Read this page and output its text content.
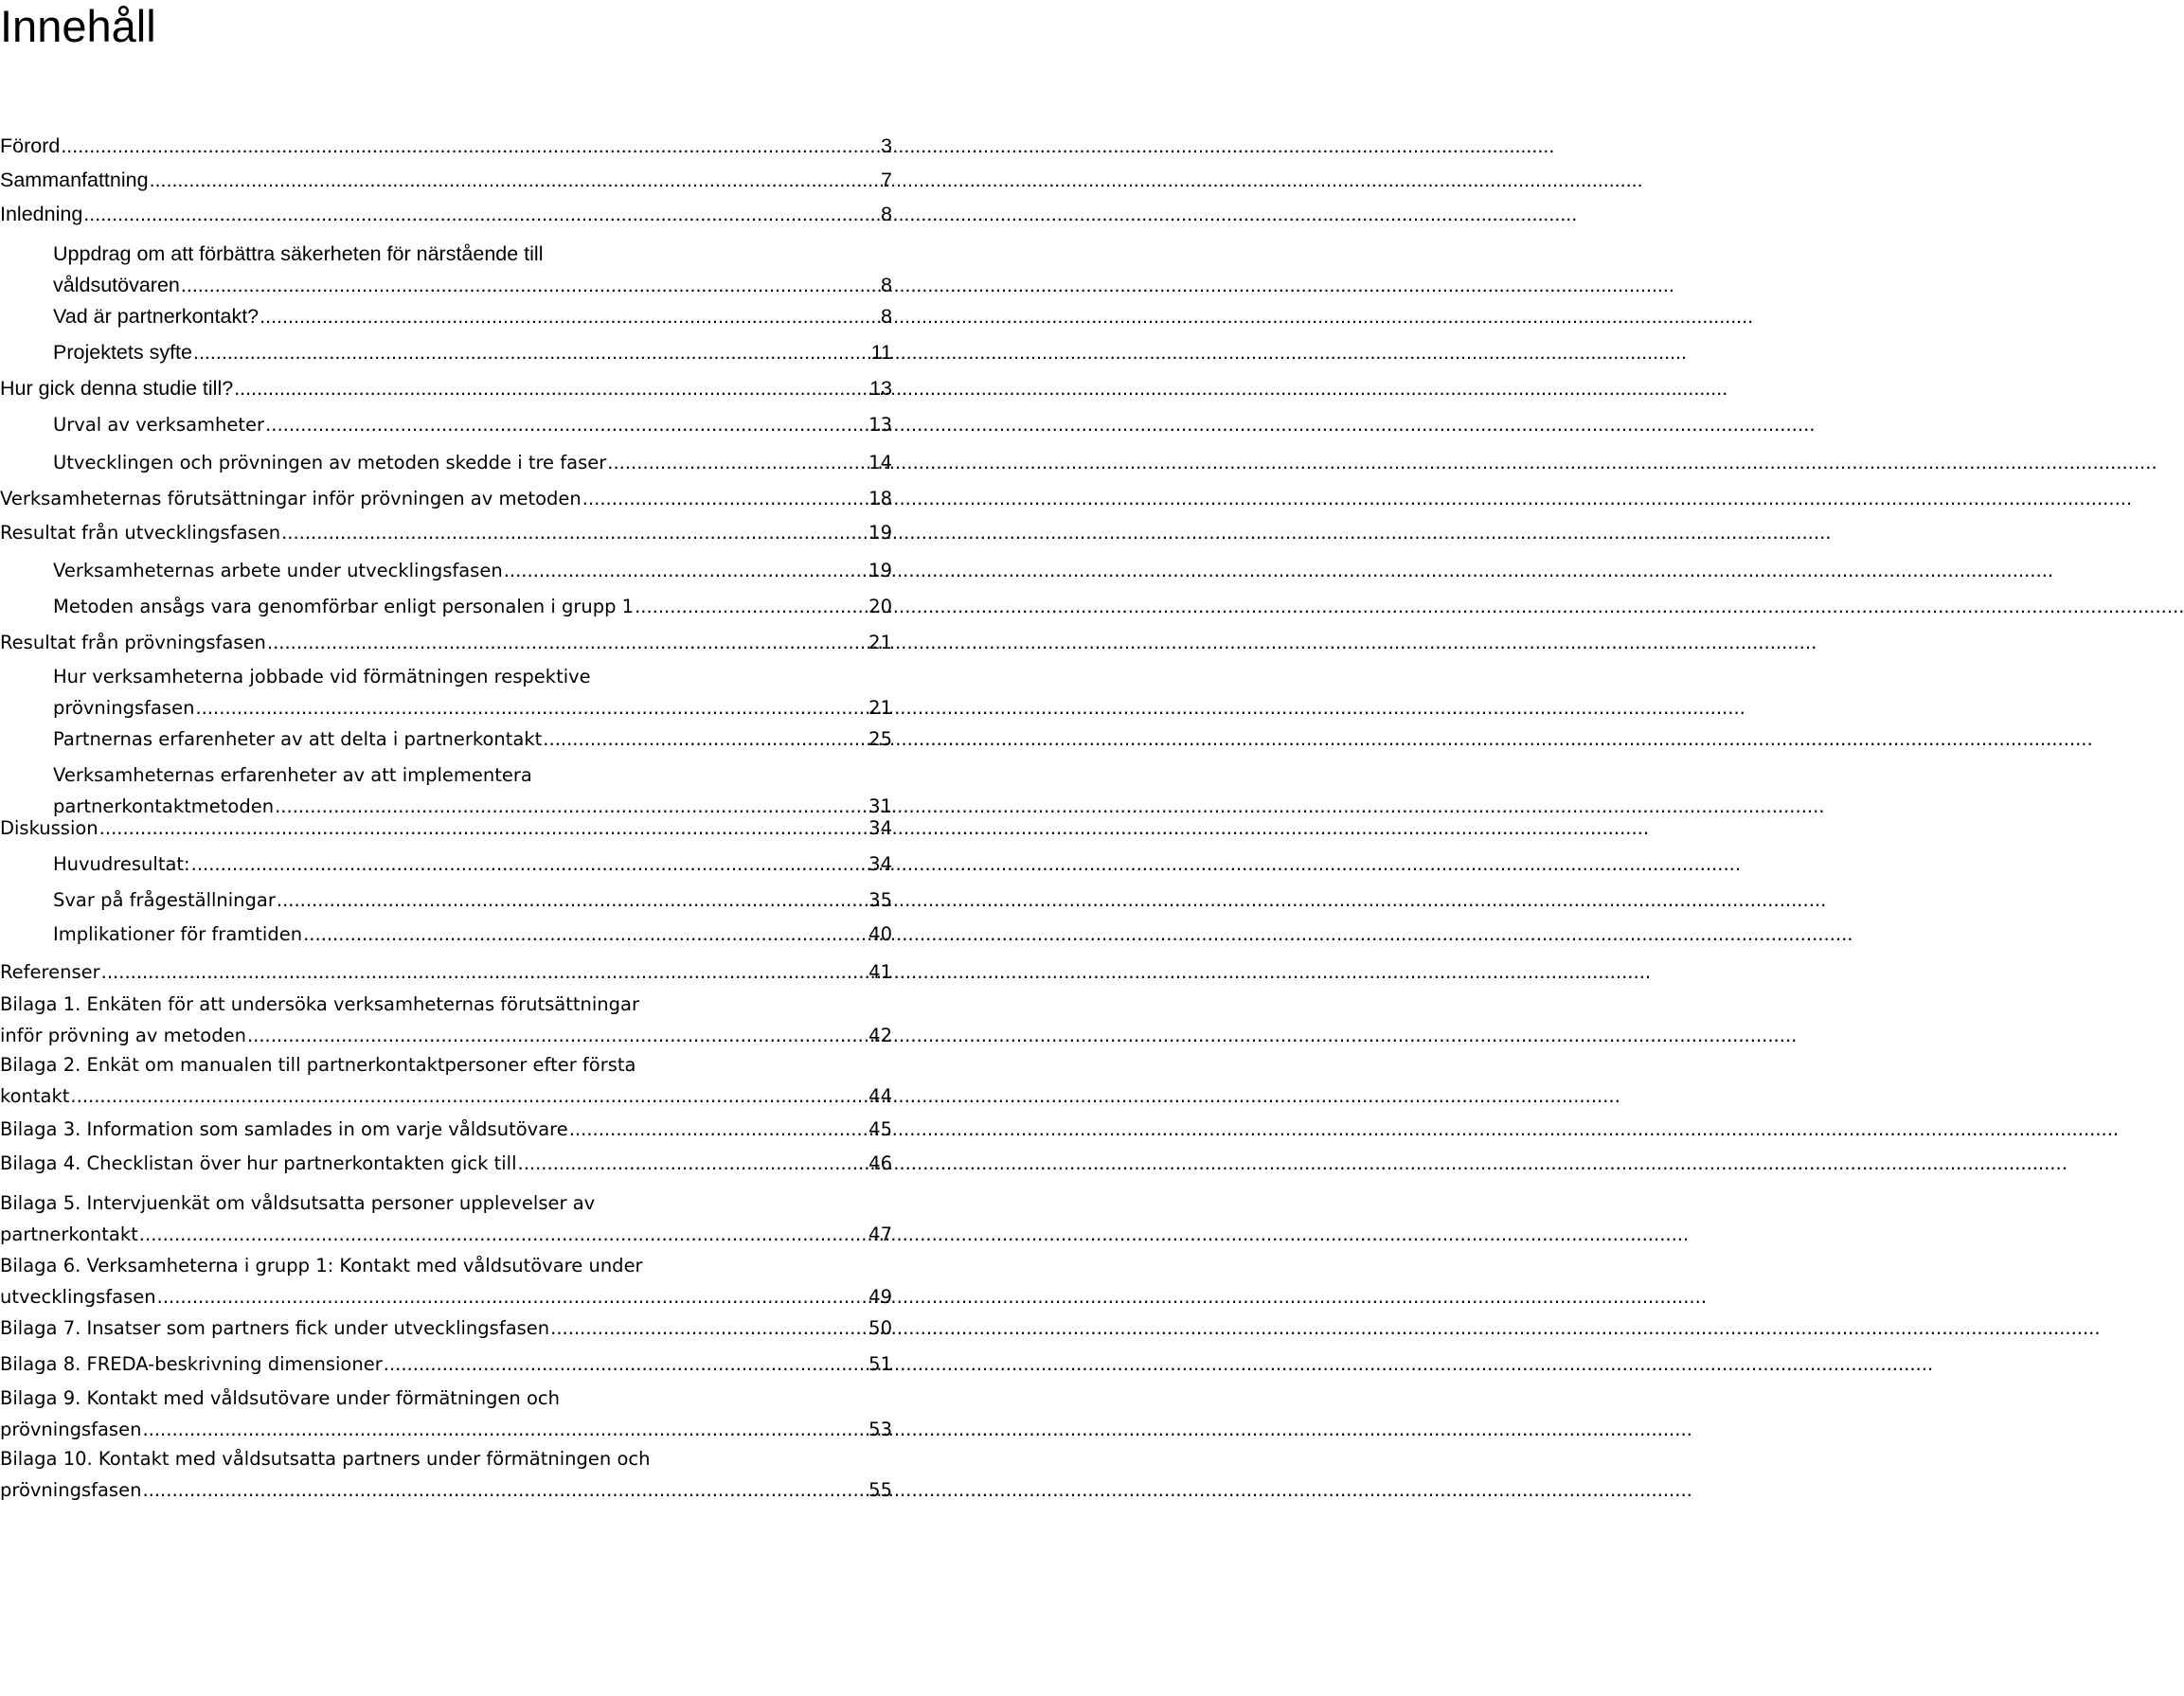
Innehåll
Förord .....	3
Sammanfattning .....	7
Inledning .....	8
Uppdrag om att förbättra säkerheten för närstående till
våldsutövaren .....	8
Vad är partnerkontakt? .....	8
Projektets syfte .....	11
Hur gick denna studie till? .....	13
Urval av verksamheter .....	13
Utvecklingen och prövningen av metoden skedde i tre faser .....	14
Verksamheternas förutsättningar inför prövningen av metoden .....	18
Resultat från utvecklingsfasen .....	19
Verksamheternas arbete under utvecklingsfasen .....	19
Metoden ansågs vara genomförbar enligt personalen i grupp 1 .....	20
Resultat från prövningsfasen .....	21
Hur verksamheterna jobbade vid förmätningen respektive
prövningsfasen .....	21
Partnernas erfarenheter av att delta i partnerkontakt .....	25
Verksamheternas erfarenheter av att implementera
partnerkontaktmetoden .....	31
Diskussion .....	34
Huvudresultat: .....	34
Svar på frågeställningar .....	35
Implikationer för framtiden .....	40
Referenser .....	41
Bilaga 1. Enkäten för att undersöka verksamheternas förutsättningar
inför prövning av metoden .....	42
Bilaga 2. Enkät om manualen till partnerkontaktpersoner efter första
kontakt .....	44
Bilaga 3. Information som samlades in om varje våldsutövare .....	45
Bilaga 4. Checklistan över hur partnerkontakten gick till .....	46
Bilaga 5. Intervjuenkät om våldsutsatta personer upplevelser av
partnerkontakt .....	47
Bilaga 6. Verksamheterna i grupp 1: Kontakt med våldsutövare under
utvecklingsfasen .....	49
Bilaga 7. Insatser som partners fick under utvecklingsfasen .....	50
Bilaga 8. FREDA-beskrivning dimensioner .....	51
Bilaga 9. Kontakt med våldsutövare under förmätningen och
prövningsfasen .....	53
Bilaga 10. Kontakt med våldsutsatta partners under förmätningen och
prövningsfasen .....	55
